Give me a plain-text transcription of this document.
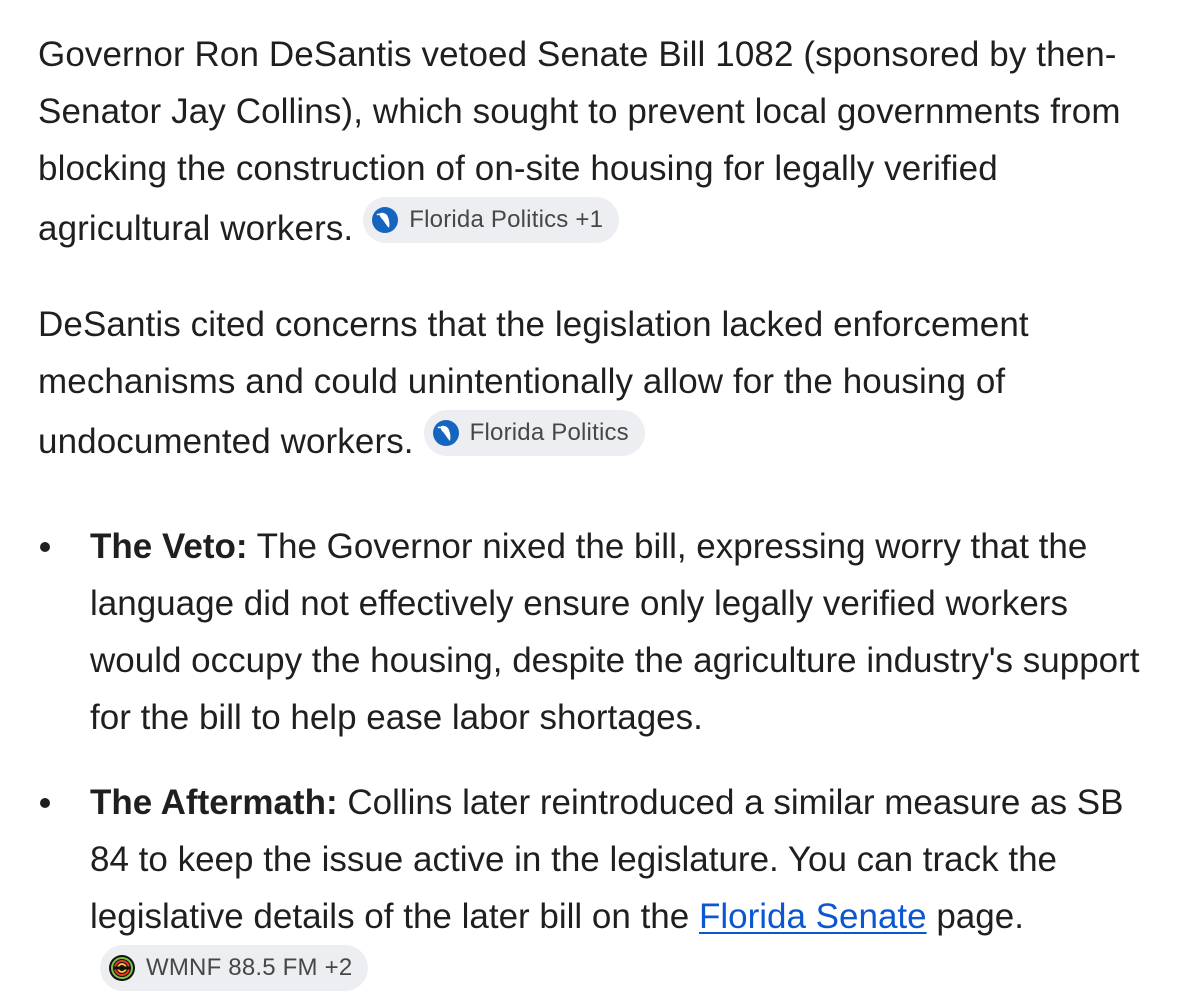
Governor Ron DeSantis vetoed Senate Bill 1082 (sponsored by then-Senator Jay Collins), which sought to prevent local governments from blocking the construction of on-site housing for legally verified agricultural workers. Florida Politics +1

DeSantis cited concerns that the legislation lacked enforcement mechanisms and could unintentionally allow for the housing of undocumented workers. Florida Politics

The Veto: The Governor nixed the bill, expressing worry that the language did not effectively ensure only legally verified workers would occupy the housing, despite the agriculture industry's support for the bill to help ease labor shortages.
The Aftermath: Collins later reintroduced a similar measure as SB 84 to keep the issue active in the legislature. You can track the legislative details of the later bill on the Florida Senate page.
WMNF 88.5 FM +2
